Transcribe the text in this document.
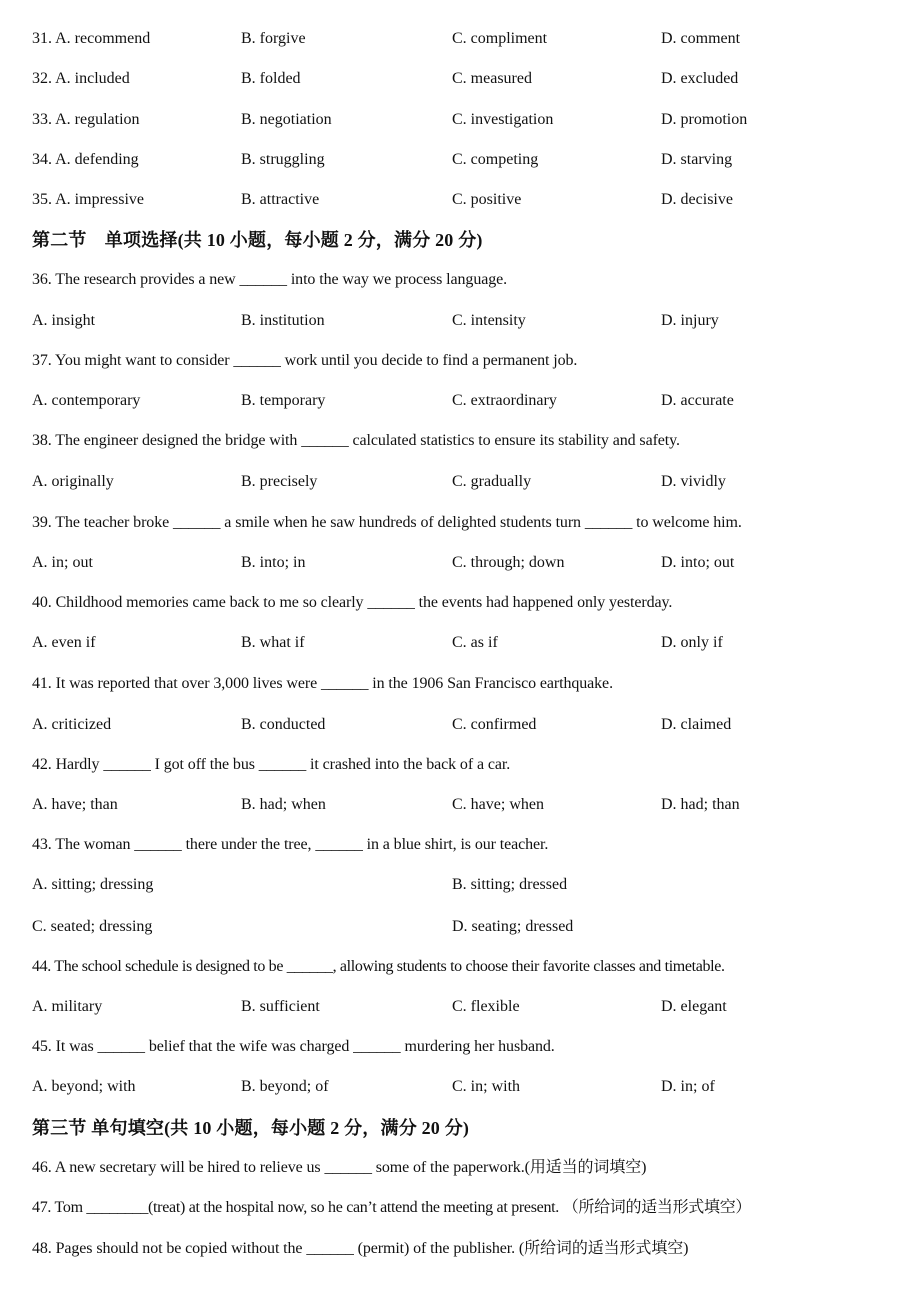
31. A. recommend	B. forgive	C. compliment	D. comment
32. A. included	B. folded	C. measured	D. excluded
33. A. regulation	B. negotiation	C. investigation	D. promotion
34. A. defending	B. struggling	C. competing	D. starving
35. A. impressive	B. attractive	C. positive	D. decisive
第二节　单项选择(共 10 小题，每小题 2 分，满分 20 分)
36. The research provides a new ______ into the way we process language.
A. insight	B. institution	C. intensity	D. injury
37. You might want to consider ______ work until you decide to find a permanent job.
A. contemporary	B. temporary	C. extraordinary	D. accurate
38. The engineer designed the bridge with ______ calculated statistics to ensure its stability and safety.
A. originally	B. precisely	C. gradually	D. vividly
39. The teacher broke ______ a smile when he saw hundreds of delighted students turn ______ to welcome him.
A. in; out	B. into; in	C. through; down	D. into; out
40. Childhood memories came back to me so clearly ______ the events had happened only yesterday.
A. even if	B. what if	C. as if	D. only if
41. It was reported that over 3,000 lives were ______ in the 1906 San Francisco earthquake.
A. criticized	B. conducted	C. confirmed	D. claimed
42. Hardly ______ I got off the bus ______ it crashed into the back of a car.
A. have; than	B. had; when	C. have; when	D. had; than
43. The woman ______ there under the tree, ______ in a blue shirt, is our teacher.
A. sitting; dressing	B. sitting; dressed
C. seated; dressing	D. seating; dressed
44. The school schedule is designed to be ______, allowing students to choose their favorite classes and timetable.
A. military	B. sufficient	C. flexible	D. elegant
45. It was ______ belief that the wife was charged ______ murdering her husband.
A. beyond; with	B. beyond; of	C. in; with	D. in; of
第三节 单句填空(共 10 小题，每小题 2 分，满分 20 分)
46. A new secretary will be hired to relieve us ______ some of the paperwork.(用适当的词填空)
47. Tom ________(treat) at the hospital now, so he can’t attend the meeting at present. （所给词的适当形式填空）
48. Pages should not be copied without the ______ (permit) of the publisher. (所给词的适当形式填空)
